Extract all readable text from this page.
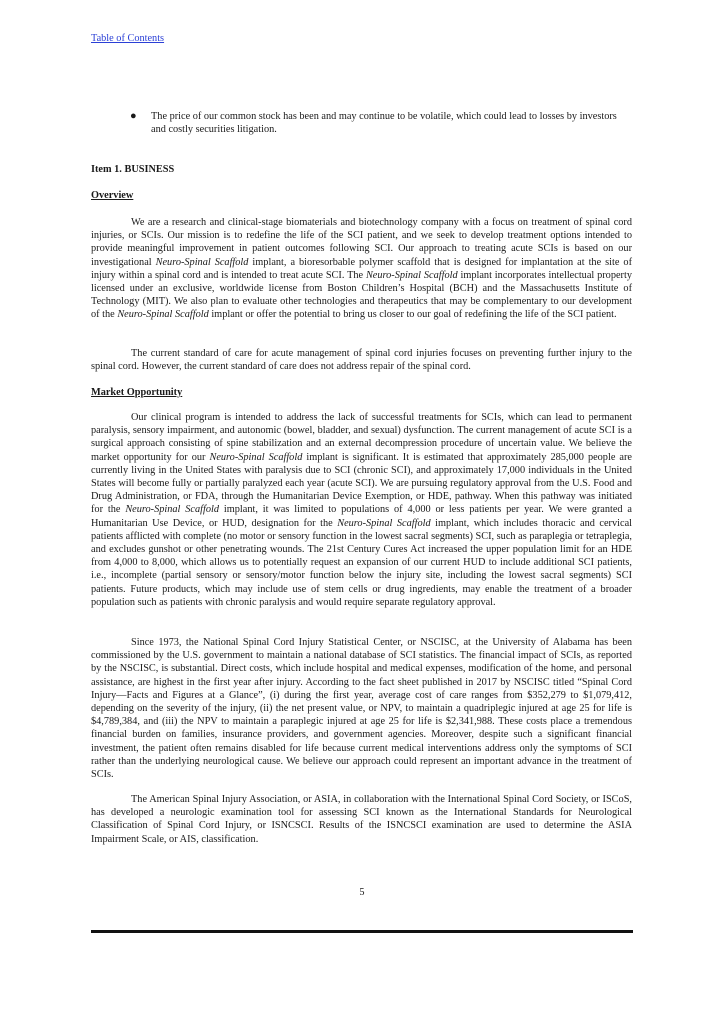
Table of Contents
● The price of our common stock has been and may continue to be volatile, which could lead to losses by investors and costly securities litigation.
Item 1. BUSINESS
Overview

We are a research and clinical-stage biomaterials and biotechnology company with a focus on treatment of spinal cord injuries, or SCIs. Our mission is to redefine the life of the SCI patient, and we seek to develop treatment options intended to provide meaningful improvement in patient outcomes following SCI. Our approach to treating acute SCIs is based on our investigational Neuro-Spinal Scaffold implant, a bioresorbable polymer scaffold that is designed for implantation at the site of injury within a spinal cord and is intended to treat acute SCI. The Neuro-Spinal Scaffold implant incorporates intellectual property licensed under an exclusive, worldwide license from Boston Children’s Hospital (BCH) and the Massachusetts Institute of Technology (MIT). We also plan to evaluate other technologies and therapeutics that may be complementary to our development of the Neuro-Spinal Scaffold implant or offer the potential to bring us closer to our goal of redefining the life of the SCI patient.

The current standard of care for acute management of spinal cord injuries focuses on preventing further injury to the spinal cord. However, the current standard of care does not address repair of the spinal cord.

Market Opportunity

Our clinical program is intended to address the lack of successful treatments for SCIs, which can lead to permanent paralysis, sensory impairment, and autonomic (bowel, bladder, and sexual) dysfunction. The current management of acute SCI is a surgical approach consisting of spine stabilization and an external decompression procedure of uncertain value. We believe the market opportunity for our Neuro-Spinal Scaffold implant is significant. It is estimated that approximately 285,000 people are currently living in the United States with paralysis due to SCI (chronic SCI), and approximately 17,000 individuals in the United States will become fully or partially paralyzed each year (acute SCI). We are pursuing regulatory approval from the U.S. Food and Drug Administration, or FDA, through the Humanitarian Device Exemption, or HDE, pathway. When this pathway was initiated for the Neuro-Spinal Scaffold implant, it was limited to populations of 4,000 or less patients per year. We were granted a Humanitarian Use Device, or HUD, designation for the Neuro-Spinal Scaffold implant, which includes thoracic and cervical patients afflicted with complete (no motor or sensory function in the lowest sacral segments) SCI, such as paraplegia or tetraplegia, and excludes gunshot or other penetrating wounds. The 21st Century Cures Act increased the upper population limit for an HDE from 4,000 to 8,000, which allows us to potentially request an expansion of our current HUD to include additional SCI patients, i.e., incomplete (partial sensory or sensory/motor function below the injury site, including the lowest sacral segments) SCI patients. Future products, which may include use of stem cells or drug ingredients, may enable the treatment of a broader population such as patients with chronic paralysis and would require separate regulatory approval.

Since 1973, the National Spinal Cord Injury Statistical Center, or NSCISC, at the University of Alabama has been commissioned by the U.S. government to maintain a national database of SCI statistics. The financial impact of SCIs, as reported by the NSCISC, is substantial. Direct costs, which include hospital and medical expenses, modification of the home, and personal assistance, are highest in the first year after injury. According to the fact sheet published in 2017 by NSCISC titled “Spinal Cord Injury—Facts and Figures at a Glance”, (i) during the first year, average cost of care ranges from $352,279 to $1,079,412, depending on the severity of the injury, (ii) the net present value, or NPV, to maintain a quadriplegic injured at age 25 for life is $4,789,384, and (iii) the NPV to maintain a paraplegic injured at age 25 for life is $2,341,988. These costs place a tremendous financial burden on families, insurance providers, and government agencies. Moreover, despite such a significant financial investment, the patient often remains disabled for life because current medical interventions address only the symptoms of SCI rather than the underlying neurological cause. We believe our approach could represent an important advance in the treatment of SCIs.

The American Spinal Injury Association, or ASIA, in collaboration with the International Spinal Cord Society, or ISCoS, has developed a neurologic examination tool for assessing SCI known as the International Standards for Neurological Classification of Spinal Cord Injury, or ISNCSCI. Results of the ISNCSCI examination are used to determine the ASIA Impairment Scale, or AIS, classification.

5
